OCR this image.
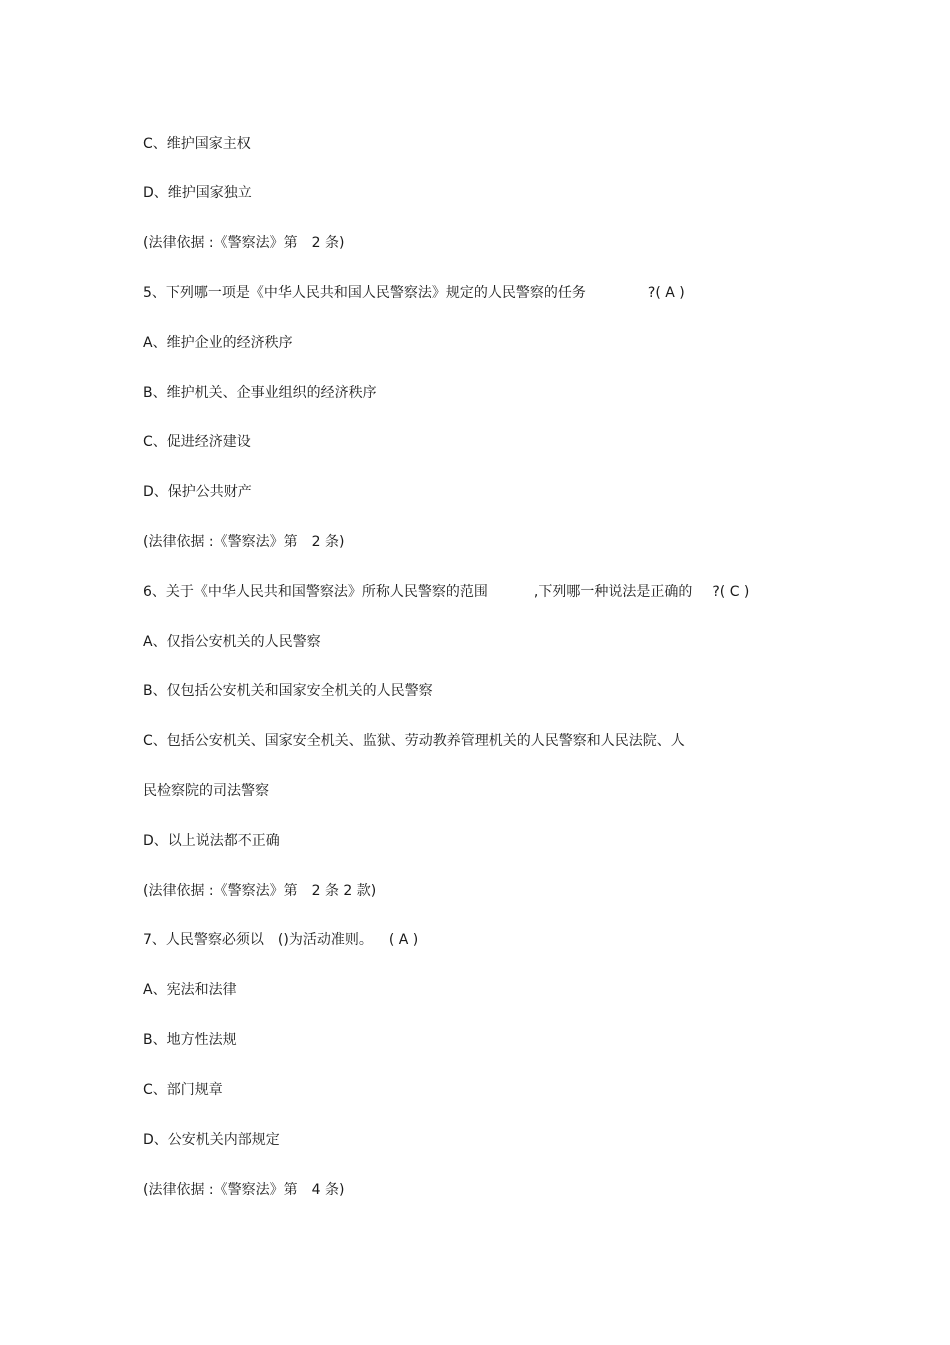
C、维护国家主权
D、维护国家独立
(法律依据 :《警察法》第　2 条)
5、下列哪一项是《中华人民共和国人民警察法》规定的人民警察的任务	?( A )
A、维护企业的经济秩序
B、维护机关、企事业组织的经济秩序
C、促进经济建设
D、保护公共财产
(法律依据 :《警察法》第　2 条)
6、关于《中华人民共和国警察法》所称人民警察的范围	,下列哪一种说法是正确的 ?( C )
A、仅指公安机关的人民警察
B、仅包括公安机关和国家安全机关的人民警察
C、包括公安机关、国家安全机关、监狱、劳动教养管理机关的人民警察和人民法院、人
民检察院的司法警察
D、以上说法都不正确
(法律依据 :《警察法》第　2 条 2 款)
7、人民警察必须以　()为活动准则。 ( A )
A、宪法和法律
B、地方性法规
C、部门规章
D、公安机关内部规定
(法律依据 :《警察法》第　4 条)
